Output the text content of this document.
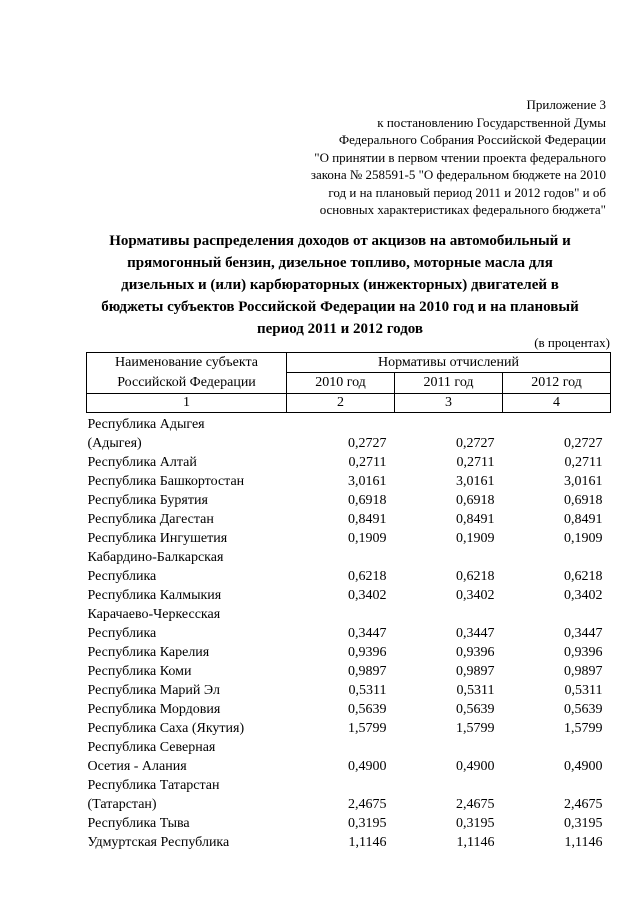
Приложение 3
к постановлению Государственной Думы
Федерального Собрания Российской Федерации
"О принятии в первом чтении проекта федерального
закона № 258591-5 "О федеральном бюджете на 2010
год и на плановый период 2011 и 2012 годов" и об
основных характеристиках федерального бюджета"
Нормативы распределения доходов от акцизов на автомобильный и
прямогонный бензин, дизельное топливо, моторные масла для
дизельных и (или) карбюраторных (инжекторных) двигателей в
бюджеты субъектов Российской Федерации на 2010 год и на плановый
период 2011 и 2012 годов
(в процентах)
Наименование субъекта Российской Федерации	Нормативы отчислений		
	2010 год	2011 год	2012 год
1	2	3	4
Республика Адыгея			
(Адыгея)	0,2727	0,2727	0,2727
Республика Алтай	0,2711	0,2711	0,2711
Республика Башкортостан	3,0161	3,0161	3,0161
Республика Бурятия	0,6918	0,6918	0,6918
Республика Дагестан	0,8491	0,8491	0,8491
Республика Ингушетия	0,1909	0,1909	0,1909
Кабардино-Балкарская			
Республика	0,6218	0,6218	0,6218
Республика Калмыкия	0,3402	0,3402	0,3402
Карачаево-Черкесская			
Республика	0,3447	0,3447	0,3447
Республика Карелия	0,9396	0,9396	0,9396
Республика Коми	0,9897	0,9897	0,9897
Республика Марий Эл	0,5311	0,5311	0,5311
Республика Мордовия	0,5639	0,5639	0,5639
Республика Саха (Якутия)	1,5799	1,5799	1,5799
Республика Северная			
Осетия - Алания	0,4900	0,4900	0,4900
Республика Татарстан			
(Татарстан)	2,4675	2,4675	2,4675
Республика Тыва	0,3195	0,3195	0,3195
Удмуртская Республика	1,1146	1,1146	1,1146
